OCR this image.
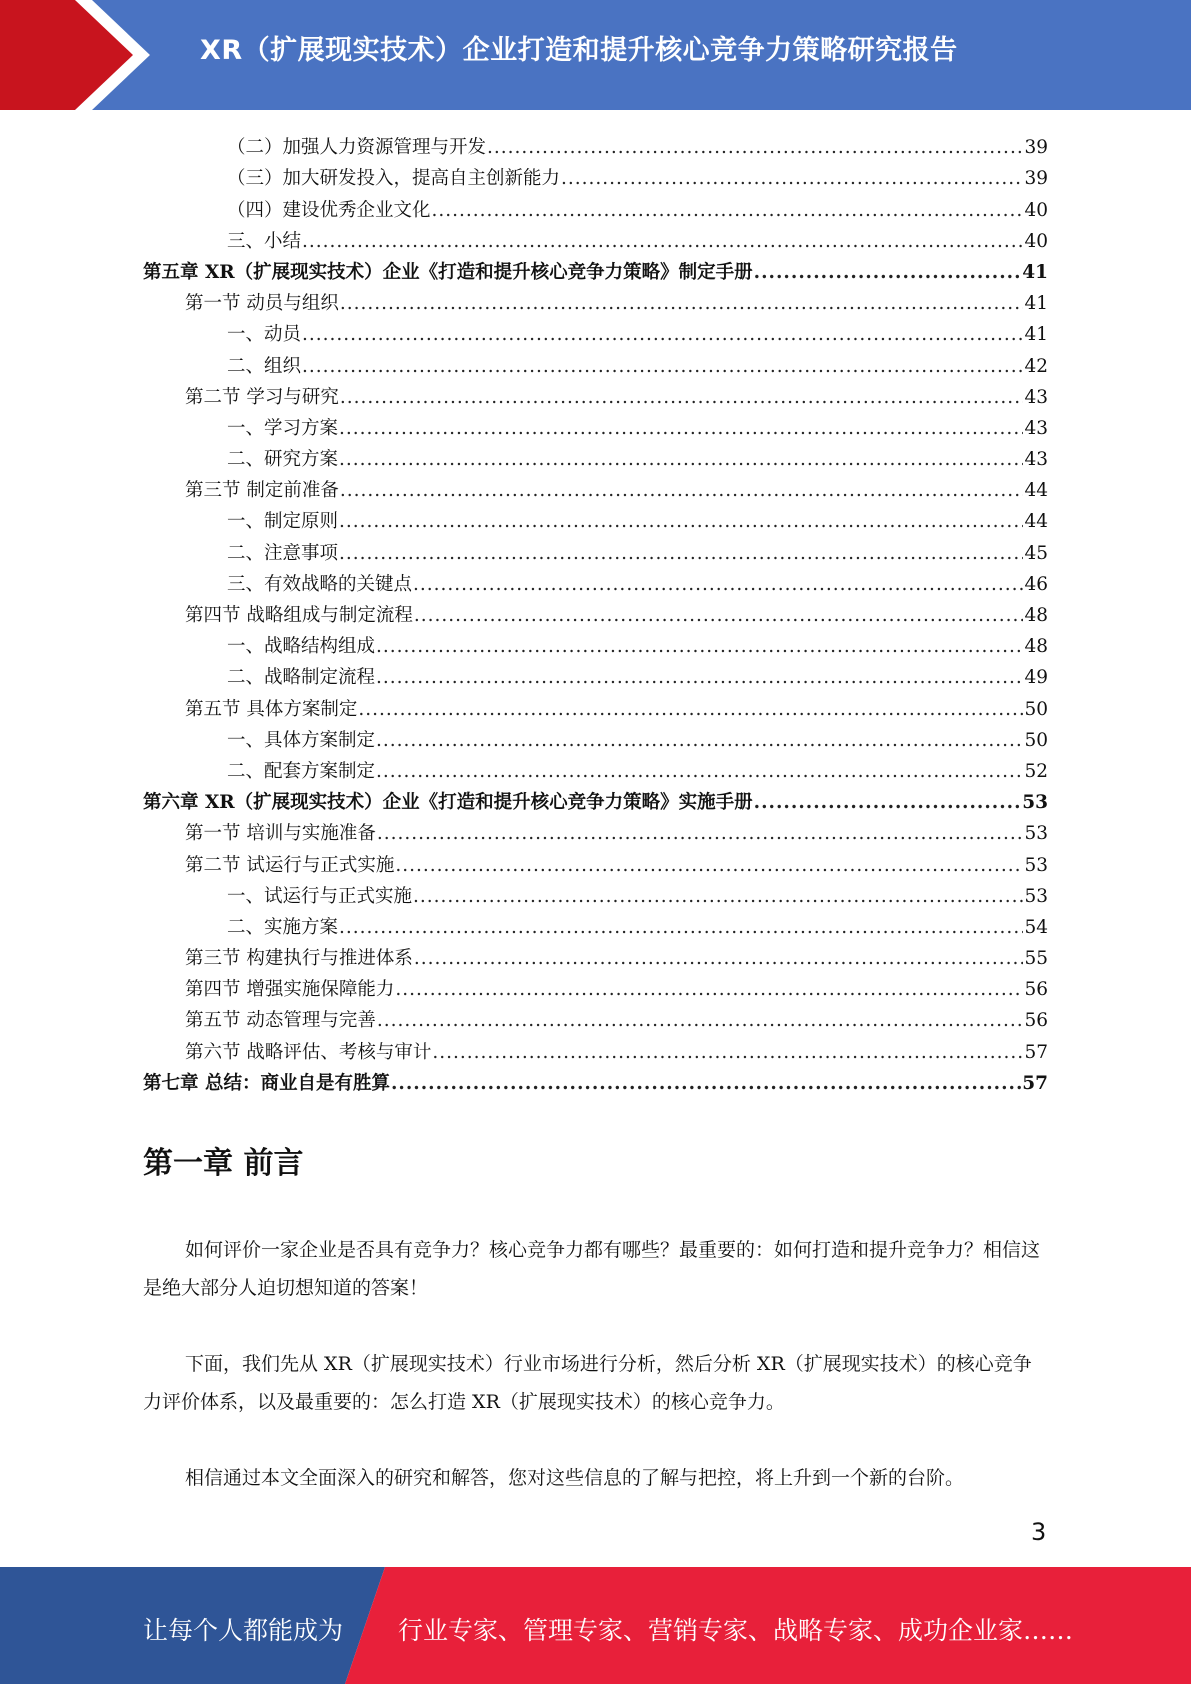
XR（扩展现实技术）企业打造和提升核心竞争力策略研究报告
（二）加强人力资源管理与开发 .....	39
（三）加大研发投入，提高自主创新能力 .....	39
（四）建设优秀企业文化 .....	40
三、小结 .....	40
第五章 XR（扩展现实技术）企业《打造和提升核心竞争力策略》制定手册 .....	41
第一节 动员与组织 .....	41
一、动员 .....	41
二、组织 .....	42
第二节 学习与研究 .....	43
一、学习方案 .....	43
二、研究方案 .....	43
第三节 制定前准备 .....	44
一、制定原则 .....	44
二、注意事项 .....	45
三、有效战略的关键点 .....	46
第四节 战略组成与制定流程 .....	48
一、战略结构组成 .....	48
二、战略制定流程 .....	49
第五节 具体方案制定 .....	50
一、具体方案制定 .....	50
二、配套方案制定 .....	52
第六章 XR（扩展现实技术）企业《打造和提升核心竞争力策略》实施手册 .....	53
第一节 培训与实施准备 .....	53
第二节 试运行与正式实施 .....	53
一、试运行与正式实施 .....	53
二、实施方案 .....	54
第三节 构建执行与推进体系 .....	55
第四节 增强实施保障能力 .....	56
第五节 动态管理与完善 .....	56
第六节 战略评估、考核与审计 .....	57
第七章 总结：商业自是有胜算 .....	57
第一章 前言

如何评价一家企业是否具有竞争力？核心竞争力都有哪些？最重要的：如何打造和提升竞争力？相信这是绝大部分人迫切想知道的答案！

下面，我们先从 XR（扩展现实技术）行业市场进行分析，然后分析 XR（扩展现实技术）的核心竞争力评价体系，以及最重要的：怎么打造 XR（扩展现实技术）的核心竞争力。

相信通过本文全面深入的研究和解答，您对这些信息的了解与把控，将上升到一个新的台阶。

3
让每个人都能成为 行业专家、管理专家、营销专家、战略专家、成功企业家……
